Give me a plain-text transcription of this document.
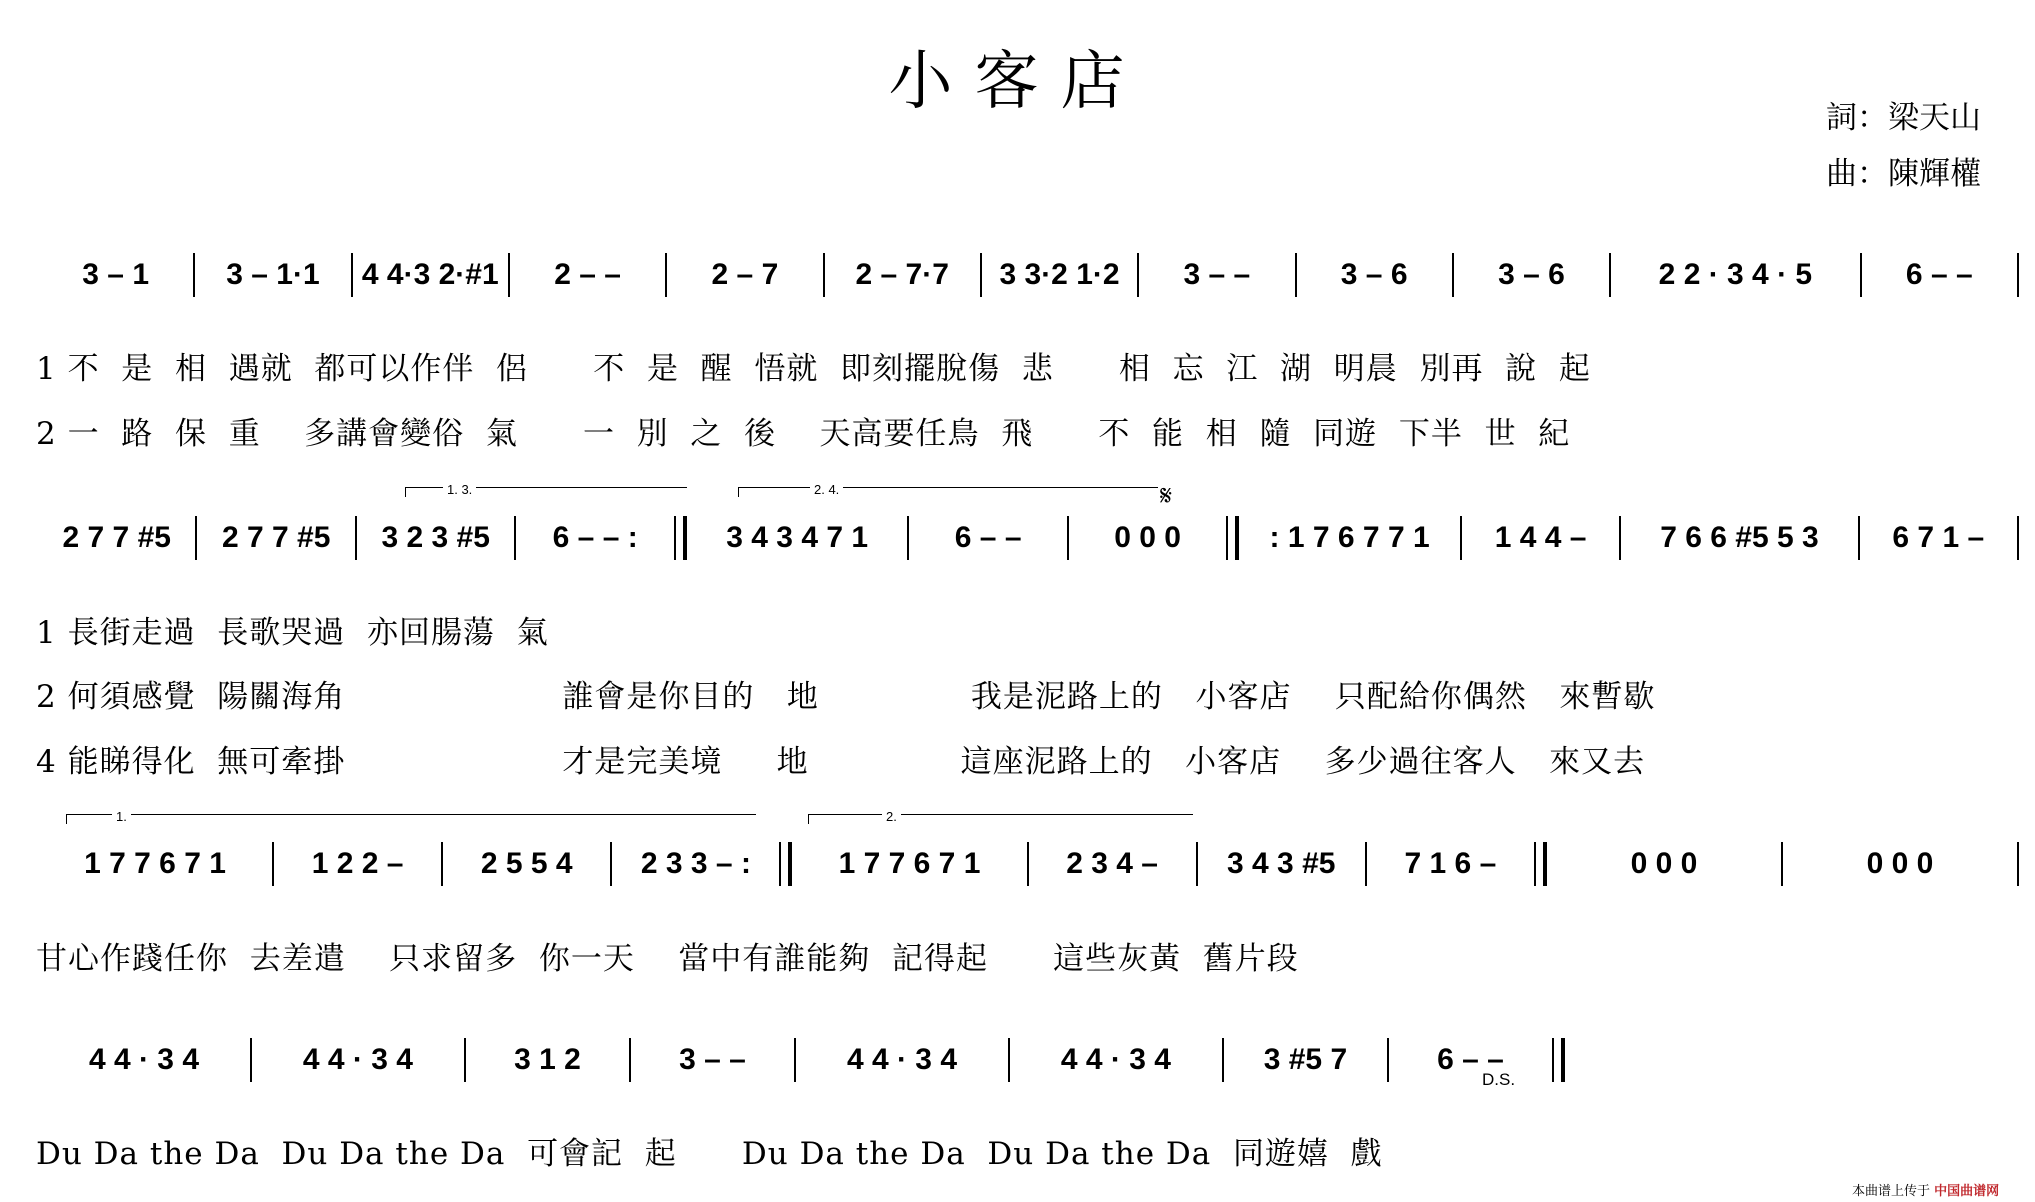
小客店	詞：梁天山
曲：陳輝權
3 – 1	3 – 1·1	4 4·3 2·#1	2 – –	2 – 7	2 – 7·7	3 3·2 1·2	3 – –	3 – 6	3 – 6	2 2 · 3 4 · 5	6 – –
1 不  是  相  遇就  都可以作伴  侶      不  是  醒  悟就  即刻擺脫傷  悲      相  忘  江  湖  明晨  別再  說  起
2 一  路  保  重    多講會變俗  氣      一  別  之  後    天高要任鳥  飛      不  能  相  隨  同遊  下半  世  紀
1. 3.	2. 4.	𝄋
2 7 7 #5	2 7 7 #5	3 2 3 #5	6 – – :	3 4 3 4 7 1	6 – –	0 0 0	: 1 7 6 7 7 1	1 4 4 –	7 6 6 #5 5 3	6 7 1 –
1 長街走過  長歌哭過  亦回腸蕩  氣
2 何須感覺  陽關海角                    誰會是你目的   地              我是泥路上的   小客店    只配給你偶然   來暫歇
4 能睇得化  無可牽掛                    才是完美境     地              這座泥路上的   小客店    多少過往客人   來又去
1.	2.
1 7 7 6 7 1	1 2 2 –	2 5 5 4	2 3 3 – :	1 7 7 6 7 1	2 3 4 –	3 4 3 #5	7 1 6 –	0 0 0	0 0 0
甘心作踐任你  去差遣    只求留多  你一天    當中有誰能夠  記得起      這些灰黃  舊片段
4 4 · 3 4	4 4 · 3 4	3 1 2	3 – –	4 4 · 3 4	4 4 · 3 4	3 #5 7	6 – –
D.S.
Du Da the Da  Du Da the Da  可會記  起      Du Da the Da  Du Da the Da  同遊嬉  戲
本曲谱上传于 中国曲谱网
